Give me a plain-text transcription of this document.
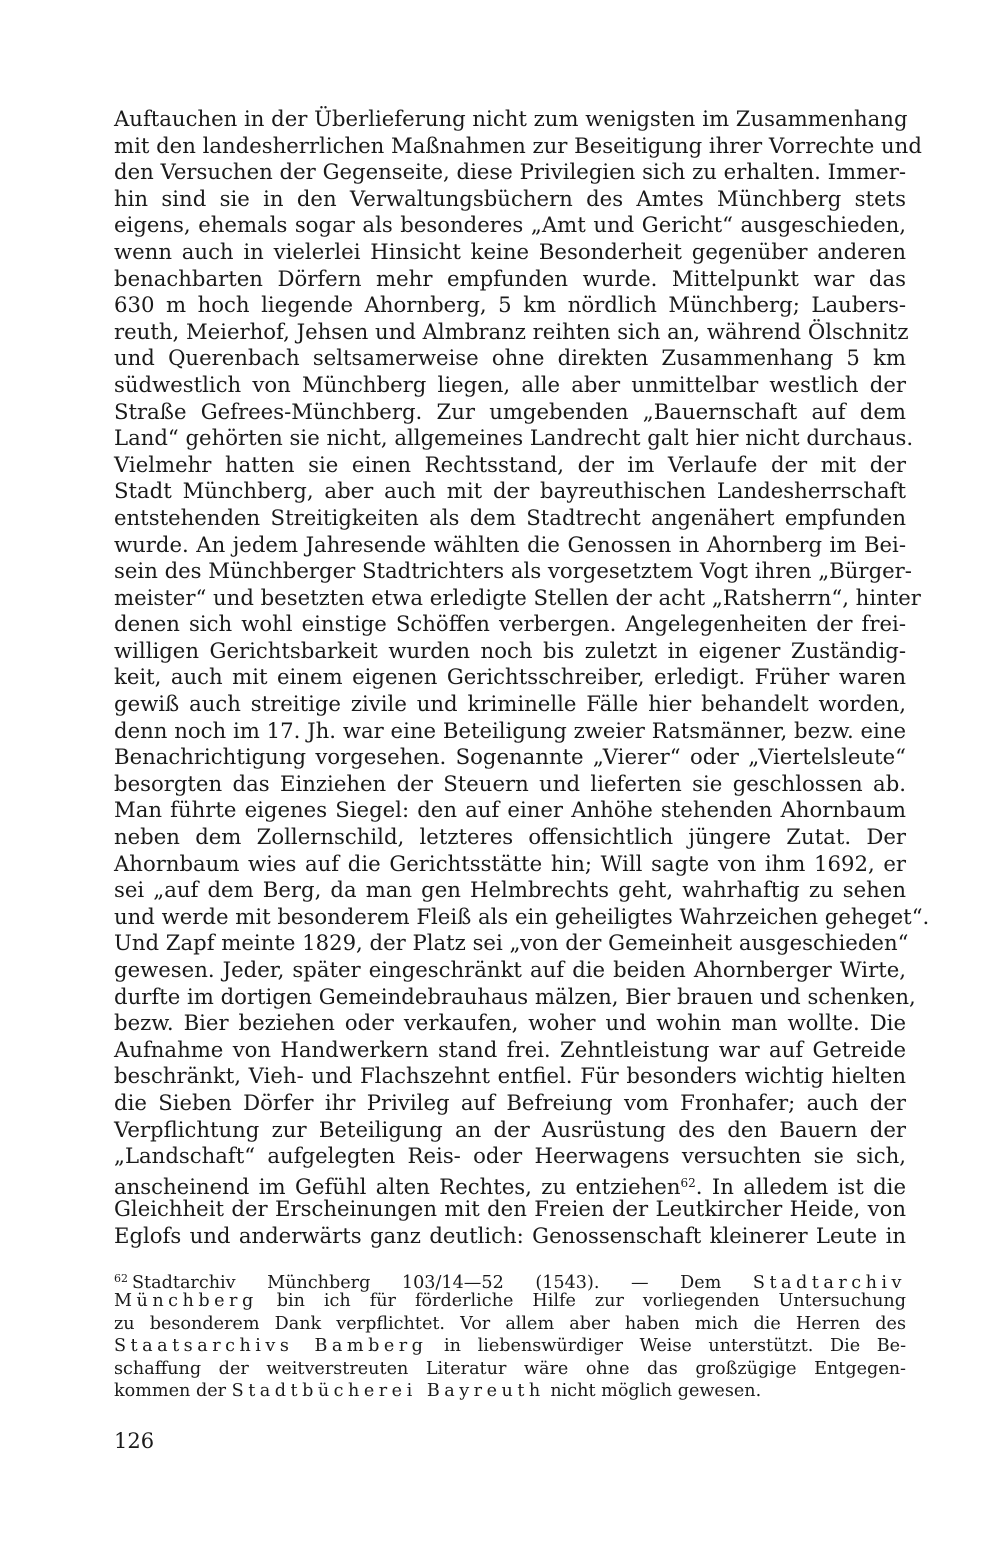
Auftauchen in der Überlieferung nicht zum wenigsten im Zusammenhang
mit den landesherrlichen Maßnahmen zur Beseitigung ihrer Vorrechte und
den Versuchen der Gegenseite, diese Privilegien sich zu erhalten. Immer-
hin sind sie in den Verwaltungsbüchern des Amtes Münchberg stets
eigens, ehemals sogar als besonderes „Amt und Gericht“ ausgeschieden,
wenn auch in vielerlei Hinsicht keine Besonderheit gegenüber anderen
benachbarten Dörfern mehr empfunden wurde. Mittelpunkt war das
630 m hoch liegende Ahornberg, 5 km nördlich Münchberg; Laubers-
reuth, Meierhof, Jehsen und Almbranz reihten sich an, während Ölschnitz
und Querenbach seltsamerweise ohne direkten Zusammenhang 5 km
südwestlich von Münchberg liegen, alle aber unmittelbar westlich der
Straße Gefrees-Münchberg. Zur umgebenden „Bauernschaft auf dem
Land“ gehörten sie nicht, allgemeines Landrecht galt hier nicht durchaus.
Vielmehr hatten sie einen Rechtsstand, der im Verlaufe der mit der
Stadt Münchberg, aber auch mit der bayreuthischen Landesherrschaft
entstehenden Streitigkeiten als dem Stadtrecht angenähert empfunden
wurde. An jedem Jahresende wählten die Genossen in Ahornberg im Bei-
sein des Münchberger Stadtrichters als vorgesetztem Vogt ihren „Bürger-
meister“ und besetzten etwa erledigte Stellen der acht „Ratsherrn“, hinter
denen sich wohl einstige Schöffen verbergen. Angelegenheiten der frei-
willigen Gerichtsbarkeit wurden noch bis zuletzt in eigener Zuständig-
keit, auch mit einem eigenen Gerichtsschreiber, erledigt. Früher waren
gewiß auch streitige zivile und kriminelle Fälle hier behandelt worden,
denn noch im 17. Jh. war eine Beteiligung zweier Ratsmänner, bezw. eine
Benachrichtigung vorgesehen. Sogenannte „Vierer“ oder „Viertelsleute“
besorgten das Einziehen der Steuern und lieferten sie geschlossen ab.
Man führte eigenes Siegel: den auf einer Anhöhe stehenden Ahornbaum
neben dem Zollernschild, letzteres offensichtlich jüngere Zutat. Der
Ahornbaum wies auf die Gerichtsstätte hin; Will sagte von ihm 1692, er
sei „auf dem Berg, da man gen Helmbrechts geht, wahrhaftig zu sehen
und werde mit besonderem Fleiß als ein geheiligtes Wahrzeichen geheget“.
Und Zapf meinte 1829, der Platz sei „von der Gemeinheit ausgeschieden“
gewesen. Jeder, später eingeschränkt auf die beiden Ahornberger Wirte,
durfte im dortigen Gemeindebrauhaus mälzen, Bier brauen und schenken,
bezw. Bier beziehen oder verkaufen, woher und wohin man wollte. Die
Aufnahme von Handwerkern stand frei. Zehntleistung war auf Getreide
beschränkt, Vieh- und Flachszehnt entfiel. Für besonders wichtig hielten
die Sieben Dörfer ihr Privileg auf Befreiung vom Fronhafer; auch der
Verpflichtung zur Beteiligung an der Ausrüstung des den Bauern der
„Landschaft“ aufgelegten Reis- oder Heerwagens versuchten sie sich,
anscheinend im Gefühl alten Rechtes, zu entziehen$^{62}$. In alledem ist die
Gleichheit der Erscheinungen mit den Freien der Leutkircher Heide, von
Eglofs und anderwärts ganz deutlich: Genossenschaft kleinerer Leute in
$^{62}$ Stadtarchiv Münchberg 103/14—52 (1543). — Dem Stadtarchiv
Münchberg bin ich für förderliche Hilfe zur vorliegenden Untersuchung
zu besonderem Dank verpflichtet. Vor allem aber haben mich die Herren des
Staatsarchivs Bamberg in liebenswürdiger Weise unterstützt. Die Be-
schaffung der weitverstreuten Literatur wäre ohne das großzügige Entgegen-
kommen der Stadtbücherei Bayreuth nicht möglich gewesen.
126
